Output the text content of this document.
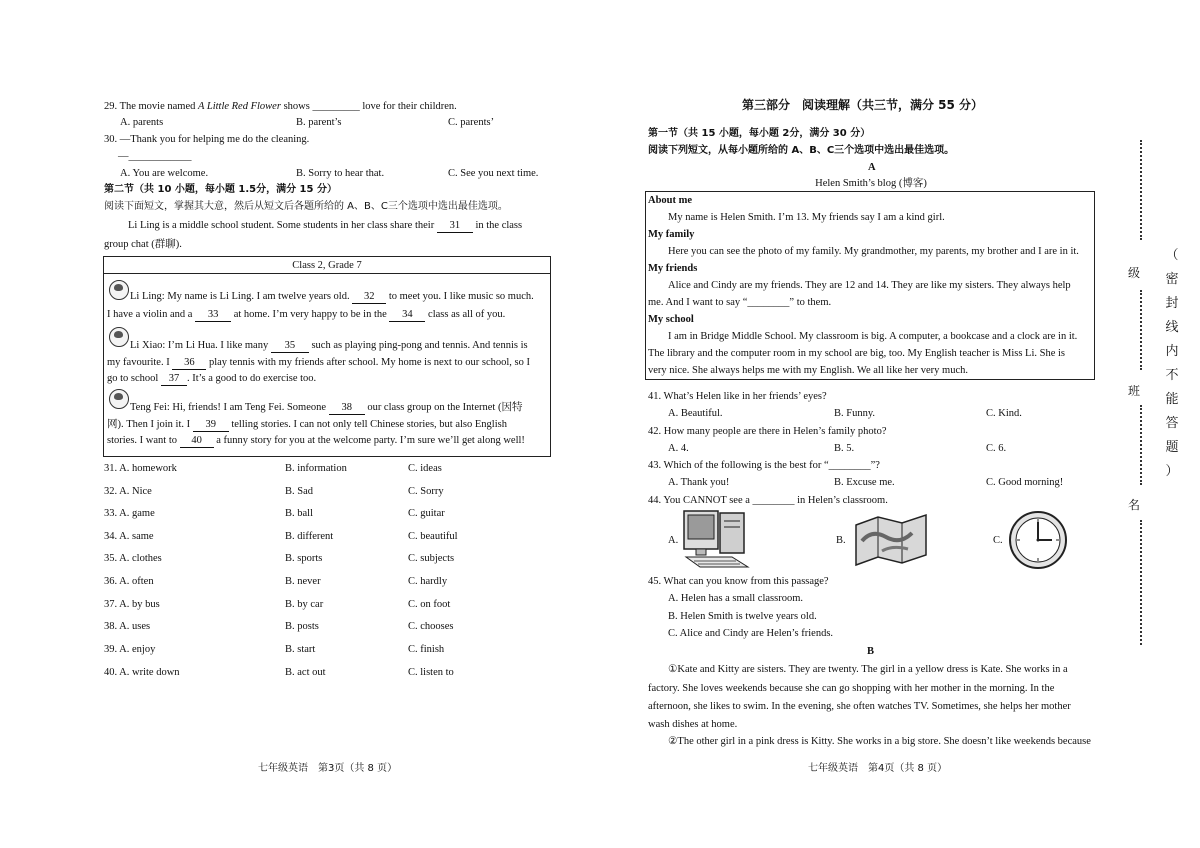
29. The movie named A Little Red Flower shows _________ love for their children.
A. parents	B. parent’s	C. parents’
30. —Thank you for helping me do the cleaning.
—____________
A. You are welcome.	B. Sorry to hear that.	C. See you next time.
第二节（共 10 小题，每小题 1.5分，满分 15 分）
阅读下面短文，掌握其大意，然后从短文后各题所给的 A、B、C三个选项中选出最佳选项。
Li Ling is a middle school student. Some students in her class share their 31 in the class
group chat (群聊).
Class 2, Grade 7
Li Ling: My name is Li Ling. I am twelve years old. 32 to meet you. I like music so much.
I have a violin and a 33 at home. I’m very happy to be in the 34 class as all of you.
Li Xiao: I’m Li Hua. I like many 35 such as playing ping-pong and tennis. And tennis is
my favourite. I 36 play tennis with my friends after school. My home is next to our school, so I
go to school 37 . It’s a good to do exercise too.
Teng Fei: Hi, friends! I am Teng Fei. Someone 38 our class group on the Internet (因特
网). Then I join it. I 39 telling stories. I can not only tell Chinese stories, but also English
stories. I want to 40 a funny story for you at the welcome party. I’m sure we’ll get along well!
31. A. homework	B. information	C. ideas
32. A. Nice	B. Sad	C. Sorry
33. A. game	B. ball	C. guitar
34. A. same	B. different	C. beautiful
35. A. clothes	B. sports	C. subjects
36. A. often	B. never	C. hardly
37. A. by bus	B. by car	C. on foot
38. A. uses	B. posts	C. chooses
39. A. enjoy	B. start	C. finish
40. A. write down	B. act out	C. listen to
七年级英语　第3页（共 8 页）
第三部分　阅读理解（共三节，满分 55 分）
第一节（共 15 小题，每小题 2分，满分 30 分）
阅读下列短文，从每小题所给的 A、B、C三个选项中选出最佳选项。
A
Helen Smith’s blog (博客)
About me
My name is Helen Smith. I’m 13. My friends say I am a kind girl.
My family
Here you can see the photo of my family. My grandmother, my parents, my brother and I are in it.
My friends
Alice and Cindy are my friends. They are 12 and 14. They are like my sisters. They always help
me. And I want to say “________” to them.
My school
I am in Bridge Middle School. My classroom is big. A computer, a bookcase and a clock are in it.
The library and the computer room in my school are big, too. My English teacher is Miss Li. She is
very nice. She always helps me with my English. We all like her very much.
41. What’s Helen like in her friends’ eyes?
A. Beautiful.	B. Funny.	C. Kind.
42. How many people are there in Helen’s family photo?
A. 4.	B. 5.	C. 6.
43. Which of the following is the best for “________”?
A. Thank you!	B. Excuse me.	C. Good morning!
44. You CANNOT see a ________ in Helen’s classroom.
A.	B.	C.
45. What can you know from this passage?
A. Helen has a small classroom.
B. Helen Smith is twelve years old.
C. Alice and Cindy are Helen’s friends.
B
①Kate and Kitty are sisters. They are twenty. The girl in a yellow dress is Kate. She works in a
factory. She loves weekends because she can go shopping with her mother in the morning. In the
afternoon, she likes to swim. In the evening, she often watches TV. Sometimes, she helps her mother
wash dishes at home.
②The other girl in a pink dress is Kitty. She works in a big store. She doesn’t like weekends because
七年级英语　第4页（共 8 页）
级
班
名
（
密
封
线
内
不
能
答
题
）
